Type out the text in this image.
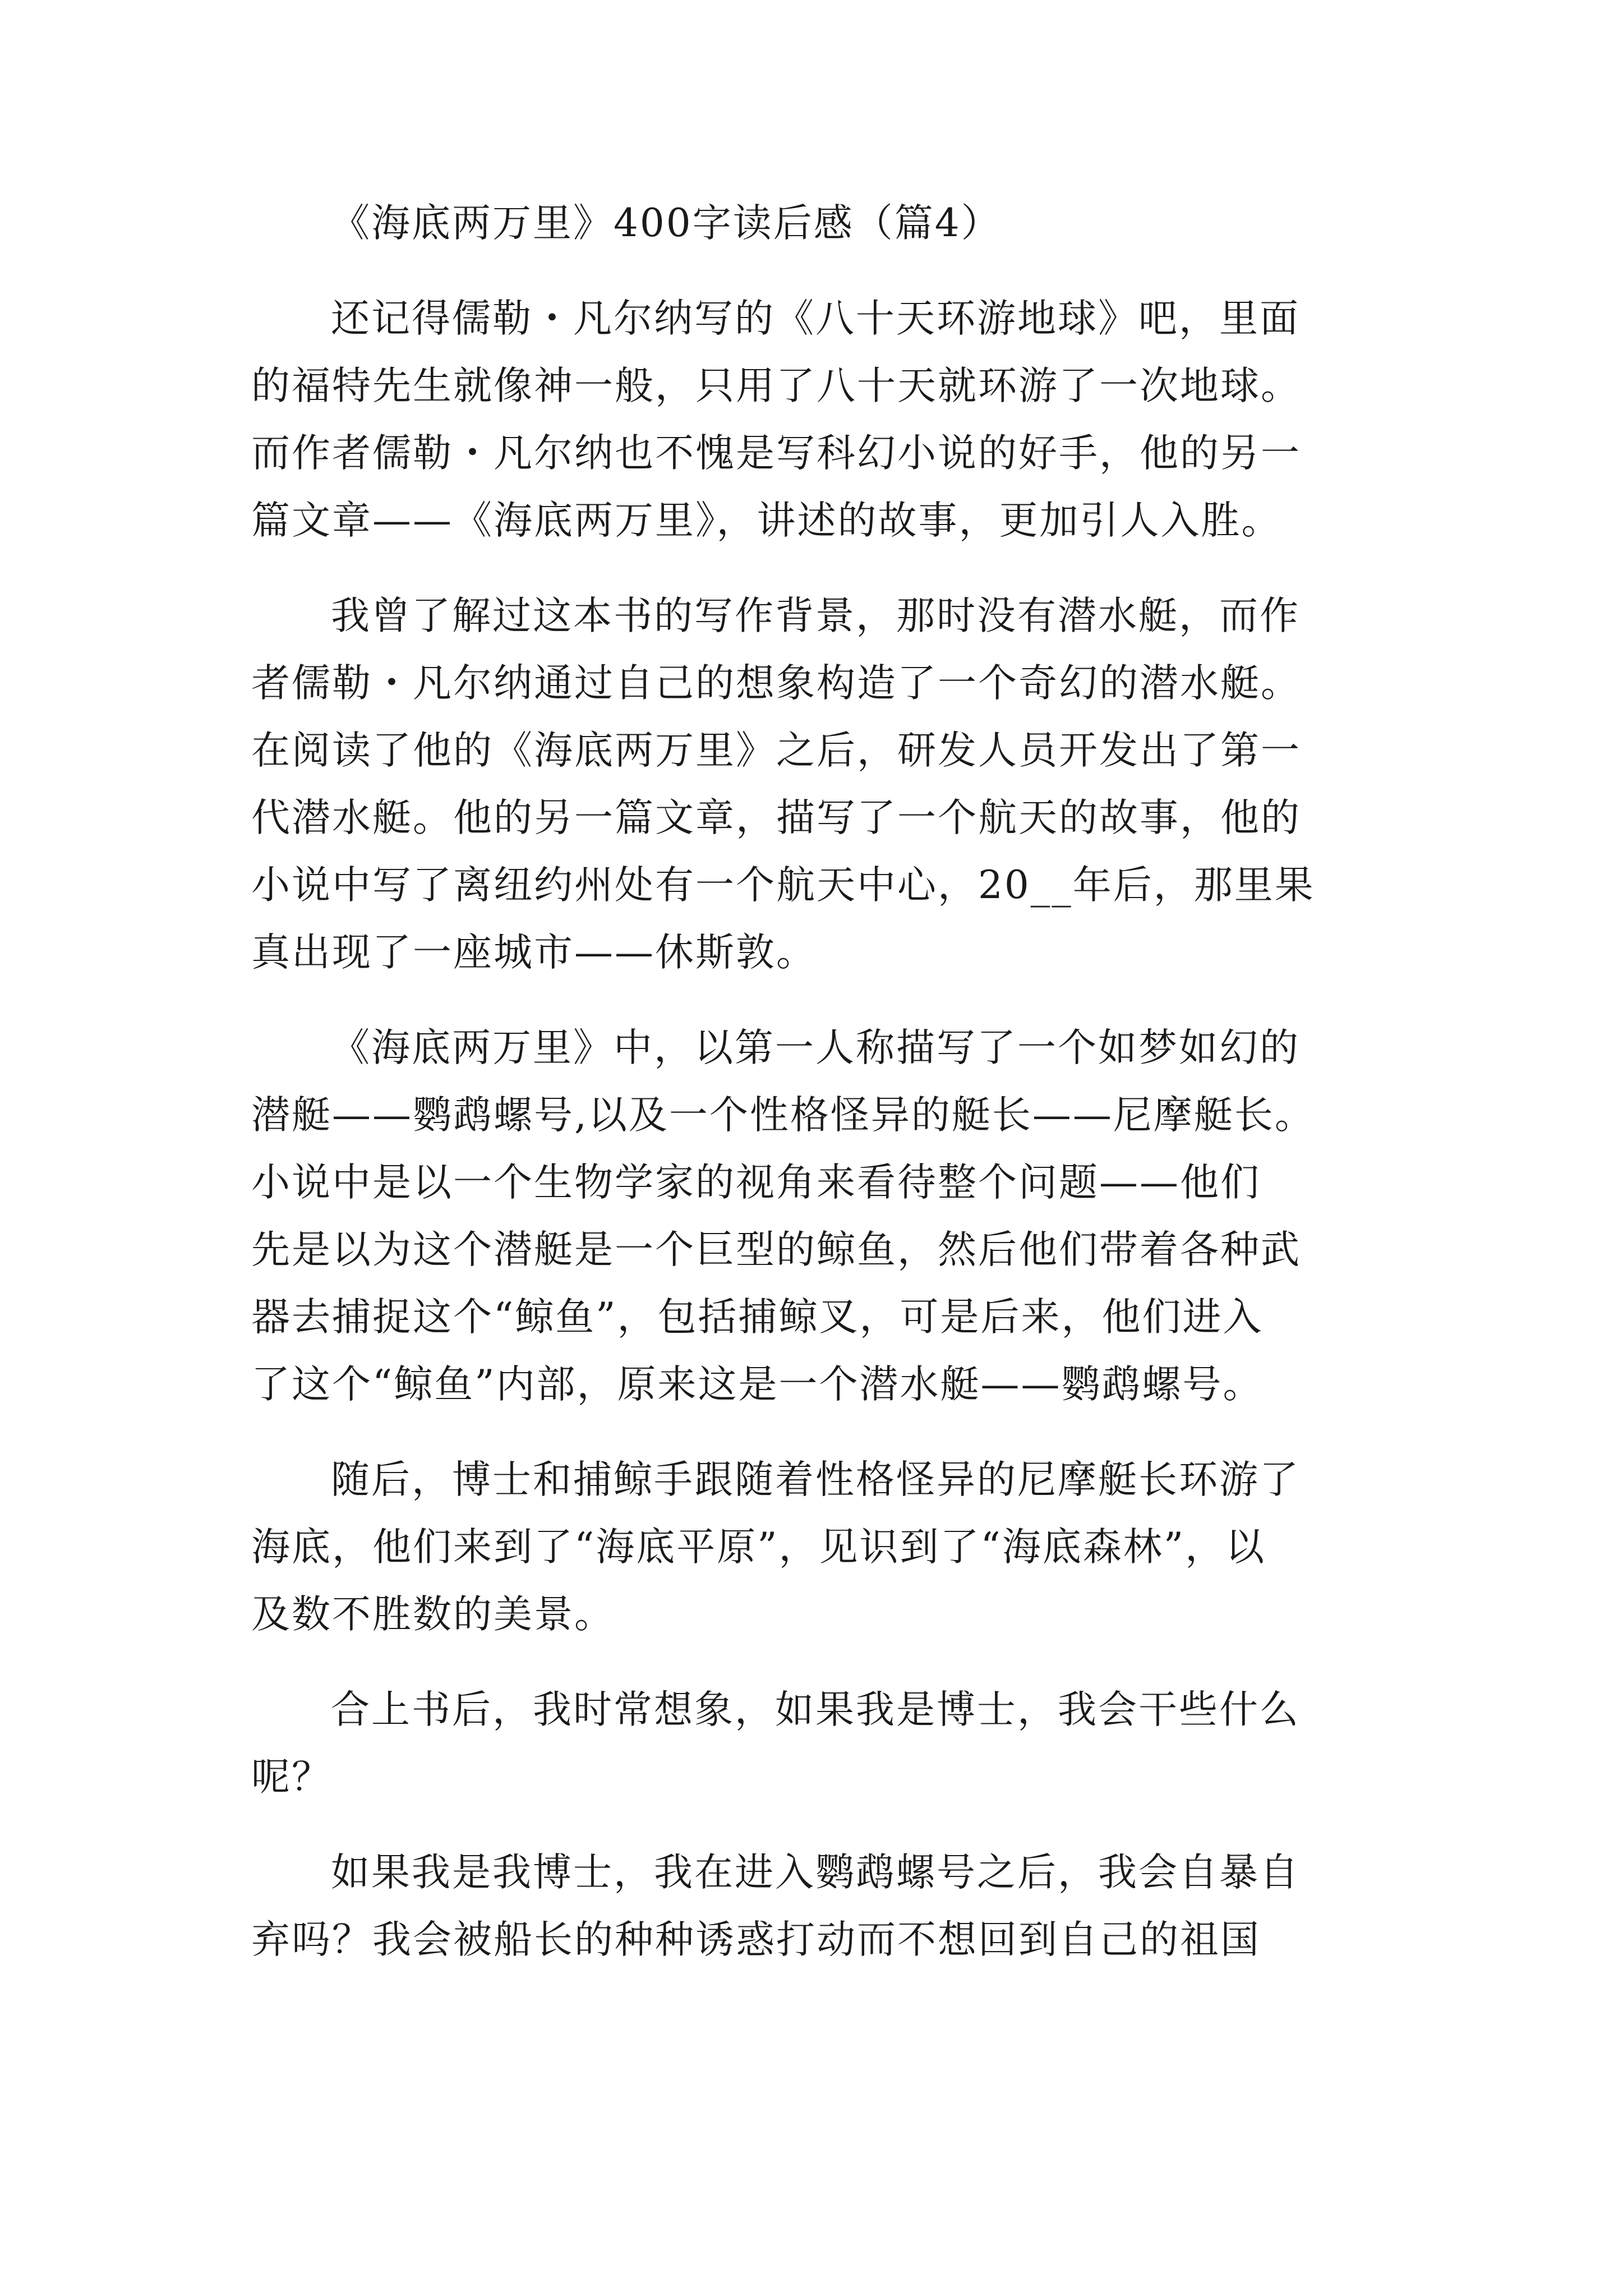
《海底两万里》400字读后感（篇4）
还记得儒勒・凡尔纳写的《八十天环游地球》吧，里面
的福特先生就像神一般，只用了八十天就环游了一次地球。
而作者儒勒・凡尔纳也不愧是写科幻小说的好手，他的另一
篇文章——《海底两万里》，讲述的故事，更加引人入胜。
我曾了解过这本书的写作背景，那时没有潜水艇，而作
者儒勒・凡尔纳通过自己的想象构造了一个奇幻的潜水艇。
在阅读了他的《海底两万里》之后，研发人员开发出了第一
代潜水艇。他的另一篇文章，描写了一个航天的故事，他的
小说中写了离纽约州处有一个航天中心，20__年后，那里果
真出现了一座城市——休斯敦。
《海底两万里》中，以第一人称描写了一个如梦如幻的
潜艇——鹦鹉螺号,以及一个性格怪异的艇长——尼摩艇长。
小说中是以一个生物学家的视角来看待整个问题——他们
先是以为这个潜艇是一个巨型的鲸鱼，然后他们带着各种武
器去捕捉这个“鲸鱼”，包括捕鲸叉，可是后来，他们进入
了这个“鲸鱼”内部，原来这是一个潜水艇——鹦鹉螺号。
随后，博士和捕鲸手跟随着性格怪异的尼摩艇长环游了
海底，他们来到了“海底平原”，见识到了“海底森林”，以
及数不胜数的美景。
合上书后，我时常想象，如果我是博士，我会干些什么
呢？
如果我是我博士，我在进入鹦鹉螺号之后，我会自暴自
弃吗？我会被船长的种种诱惑打动而不想回到自己的祖国
